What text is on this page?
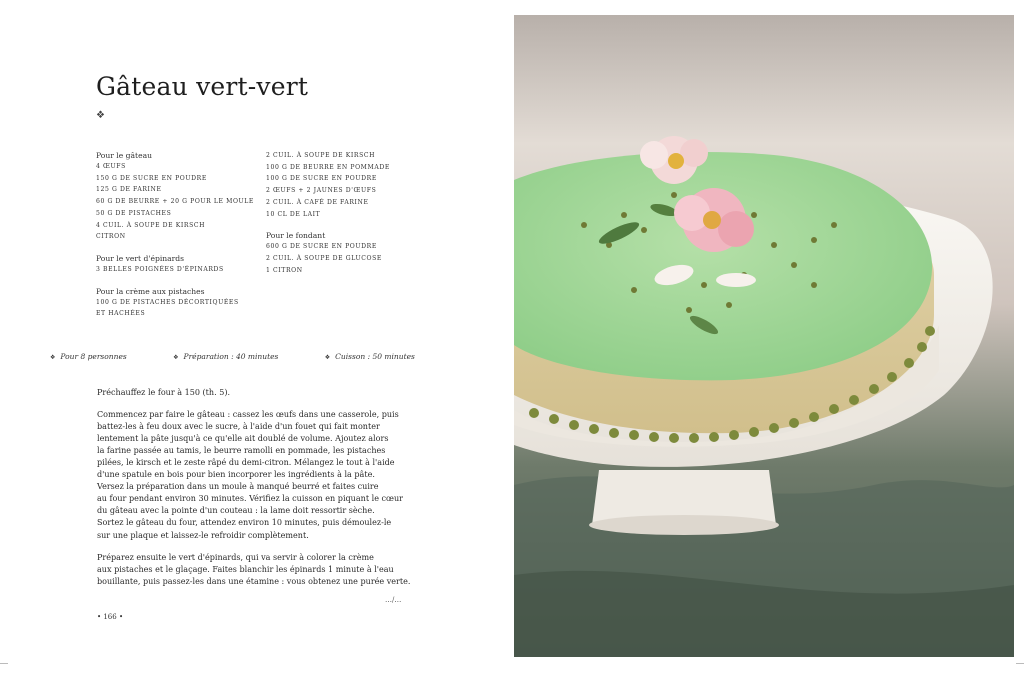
Gâteau vert-vert
❖
Pour le gâteau
4 ŒUFS
150 G DE SUCRE EN POUDRE
125 G DE FARINE
60 G DE BEURRE + 20 G POUR LE MOULE
50 G DE PISTACHES
4 CUIL. À SOUPE DE KIRSCH
CITRON
Pour le vert d'épinards
3 BELLES POIGNÉES D'ÉPINARDS
Pour la crème aux pistaches
100 G DE PISTACHES DÉCORTIQUÉES
ET HACHÉES
2 CUIL. À SOUPE DE KIRSCH
100 G DE BEURRE EN POMMADE
100 G DE SUCRE EN POUDRE
2 ŒUFS + 2 JAUNES D'ŒUFS
2 CUIL. À CAFÉ DE FARINE
10 CL DE LAIT
Pour le fondant
600 G DE SUCRE EN POUDRE
2 CUIL. À SOUPE DE GLUCOSE
1 CITRON
❖ Pour 8 personnes	❖ Préparation : 40 minutes	❖ Cuisson : 50 minutes

Préchauffez le four à 150 (th. 5).

Commencez par faire le gâteau : cassez les œufs dans une casserole, puis
battez-les à feu doux avec le sucre, à l'aide d'un fouet qui fait monter
lentement la pâte jusqu'à ce qu'elle ait doublé de volume. Ajoutez alors
la farine passée au tamis, le beurre ramolli en pommade, les pistaches
pilées, le kirsch et le zeste râpé du demi-citron. Mélangez le tout à l'aide
d'une spatule en bois pour bien incorporer les ingrédients à la pâte.
Versez la préparation dans un moule à manqué beurré et faites cuire
au four pendant environ 30 minutes. Vérifiez la cuisson en piquant le cœur
du gâteau avec la pointe d'un couteau : la lame doit ressortir sèche.
Sortez le gâteau du four, attendez environ 10 minutes, puis démoulez-le
sur une plaque et laissez-le refroidir complètement.

Préparez ensuite le vert d'épinards, qui va servir à colorer la crème
aux pistaches et le glaçage. Faites blanchir les épinards 1 minute à l'eau
bouillante, puis passez-les dans une étamine : vous obtenez une purée verte.

…/…
• 166 •
